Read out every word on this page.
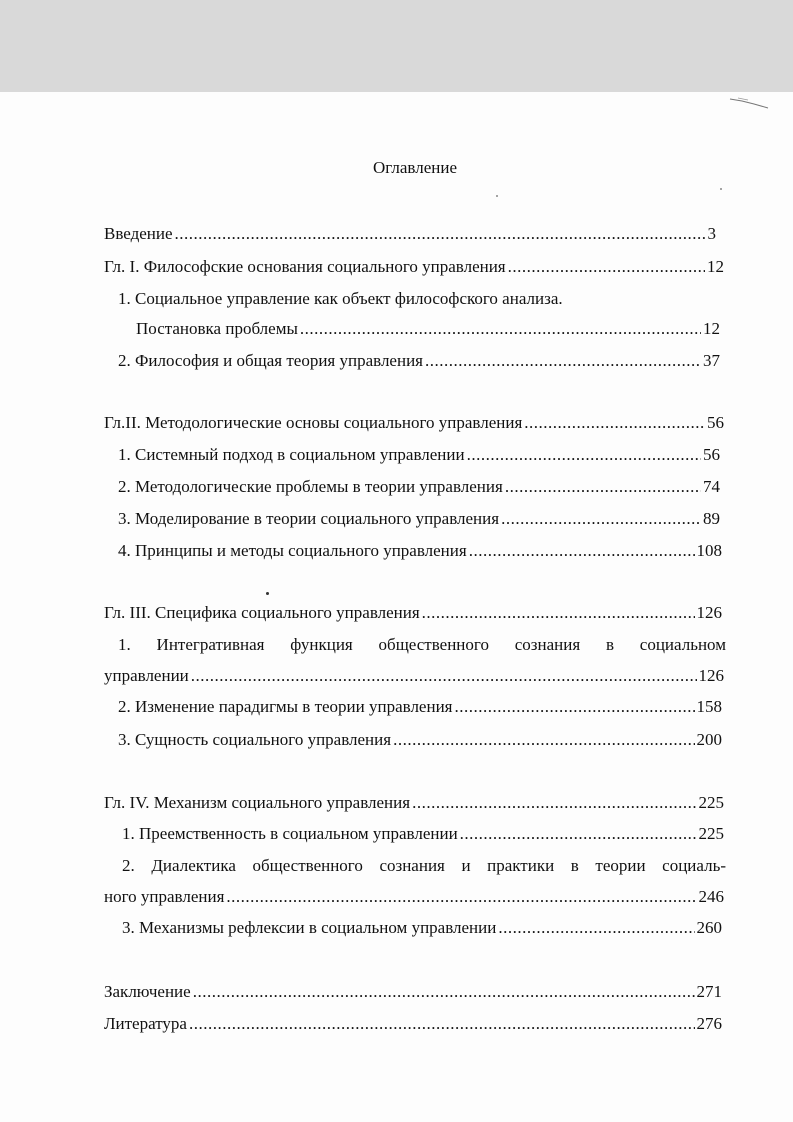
Оглавление
Введение .....	3
Гл. I. Философские основания социального управления .....	12
1. Социальное управление как объект философского анализа.
Постановка проблемы .....	12
2. Философия и общая теория управления .....	37
Гл.II. Методологические основы социального управления .....	56
1. Системный подход в социальном управлении .....	56
2. Методологические проблемы в теории управления .....	74
3. Моделирование в теории социального управления .....	89
4. Принципы и методы социального управления .....	108
Гл. III. Специфика социального управления .....	126
1. Интегративная функция общественного сознания в социальном
управлении .....	126
2. Изменение парадигмы в теории управления .....	158
3. Сущность социального управления .....	200
Гл. IV. Механизм социального управления .....	225
1. Преемственность в социальном управлении .....	225
2. Диалектика общественного сознания и практики в теории социаль-
ного управления .....	246
3. Механизмы рефлексии в социальном управлении .....	260
Заключение .....	271
Литература .....	276
